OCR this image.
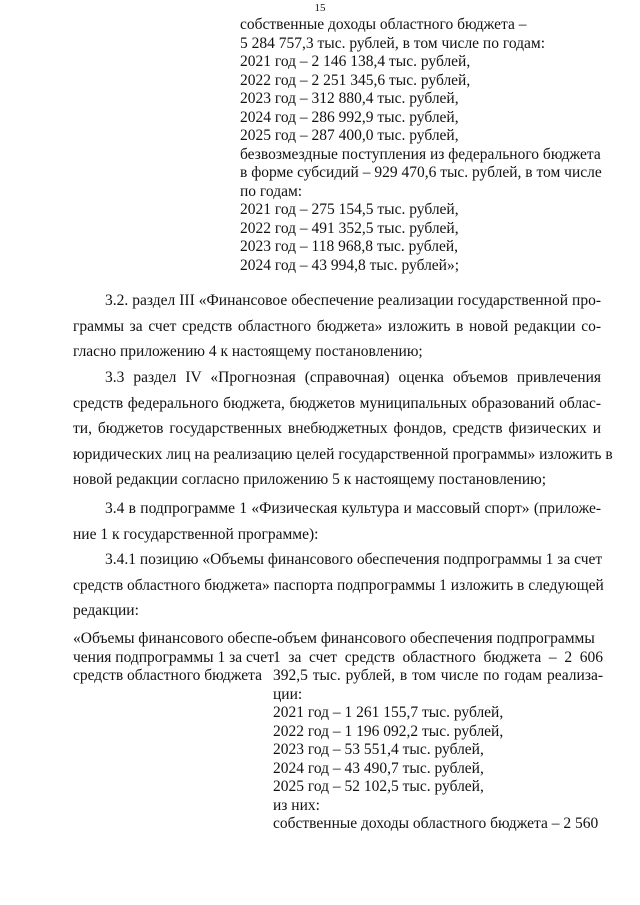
15
собственные доходы областного бюджета –
5 284 757,3 тыс. рублей, в том числе по годам:
2021 год – 2 146 138,4 тыс. рублей,
2022 год – 2 251 345,6 тыс. рублей,
2023 год – 312 880,4 тыс. рублей,
2024 год – 286 992,9 тыс. рублей,
2025 год – 287 400,0 тыс. рублей,
безвозмездные поступления из федерального бюджета
в форме субсидий – 929 470,6 тыс. рублей, в том числе
по годам:
2021 год – 275 154,5 тыс. рублей,
2022 год – 491 352,5 тыс. рублей,
2023 год – 118 968,8 тыс. рублей,
2024 год – 43 994,8 тыс. рублей»;
3.2. раздел III «Финансовое обеспечение реализации государственной про-
граммы за счет средств областного бюджета» изложить в новой редакции со-
гласно приложению 4 к настоящему постановлению;
3.3 раздел IV «Прогнозная (справочная) оценка объемов привлечения
средств федерального бюджета, бюджетов муниципальных образований облас-
ти, бюджетов государственных внебюджетных фондов, средств физических и
юридических лиц на реализацию целей государственной программы» изложить в
новой редакции согласно приложению 5 к настоящему постановлению;
3.4 в подпрограмме 1 «Физическая культура и массовый спорт» (приложе-
ние 1 к государственной программе):
3.4.1 позицию «Объемы финансового обеспечения подпрограммы 1 за счет
средств областного бюджета» паспорта подпрограммы 1 изложить в следующей
редакции:
«Объемы финансового обеспе-
чения подпрограммы 1 за счет
средств областного бюджета
объем финансового обеспечения подпрограммы
1 за счет средств областного бюджета – 2 606
392,5 тыс. рублей, в том числе по годам реализа-
ции:
2021 год – 1 261 155,7 тыс. рублей,
2022 год – 1 196 092,2 тыс. рублей,
2023 год – 53 551,4 тыс. рублей,
2024 год – 43 490,7 тыс. рублей,
2025 год – 52 102,5 тыс. рублей,
из них:
собственные доходы областного бюджета – 2 560
